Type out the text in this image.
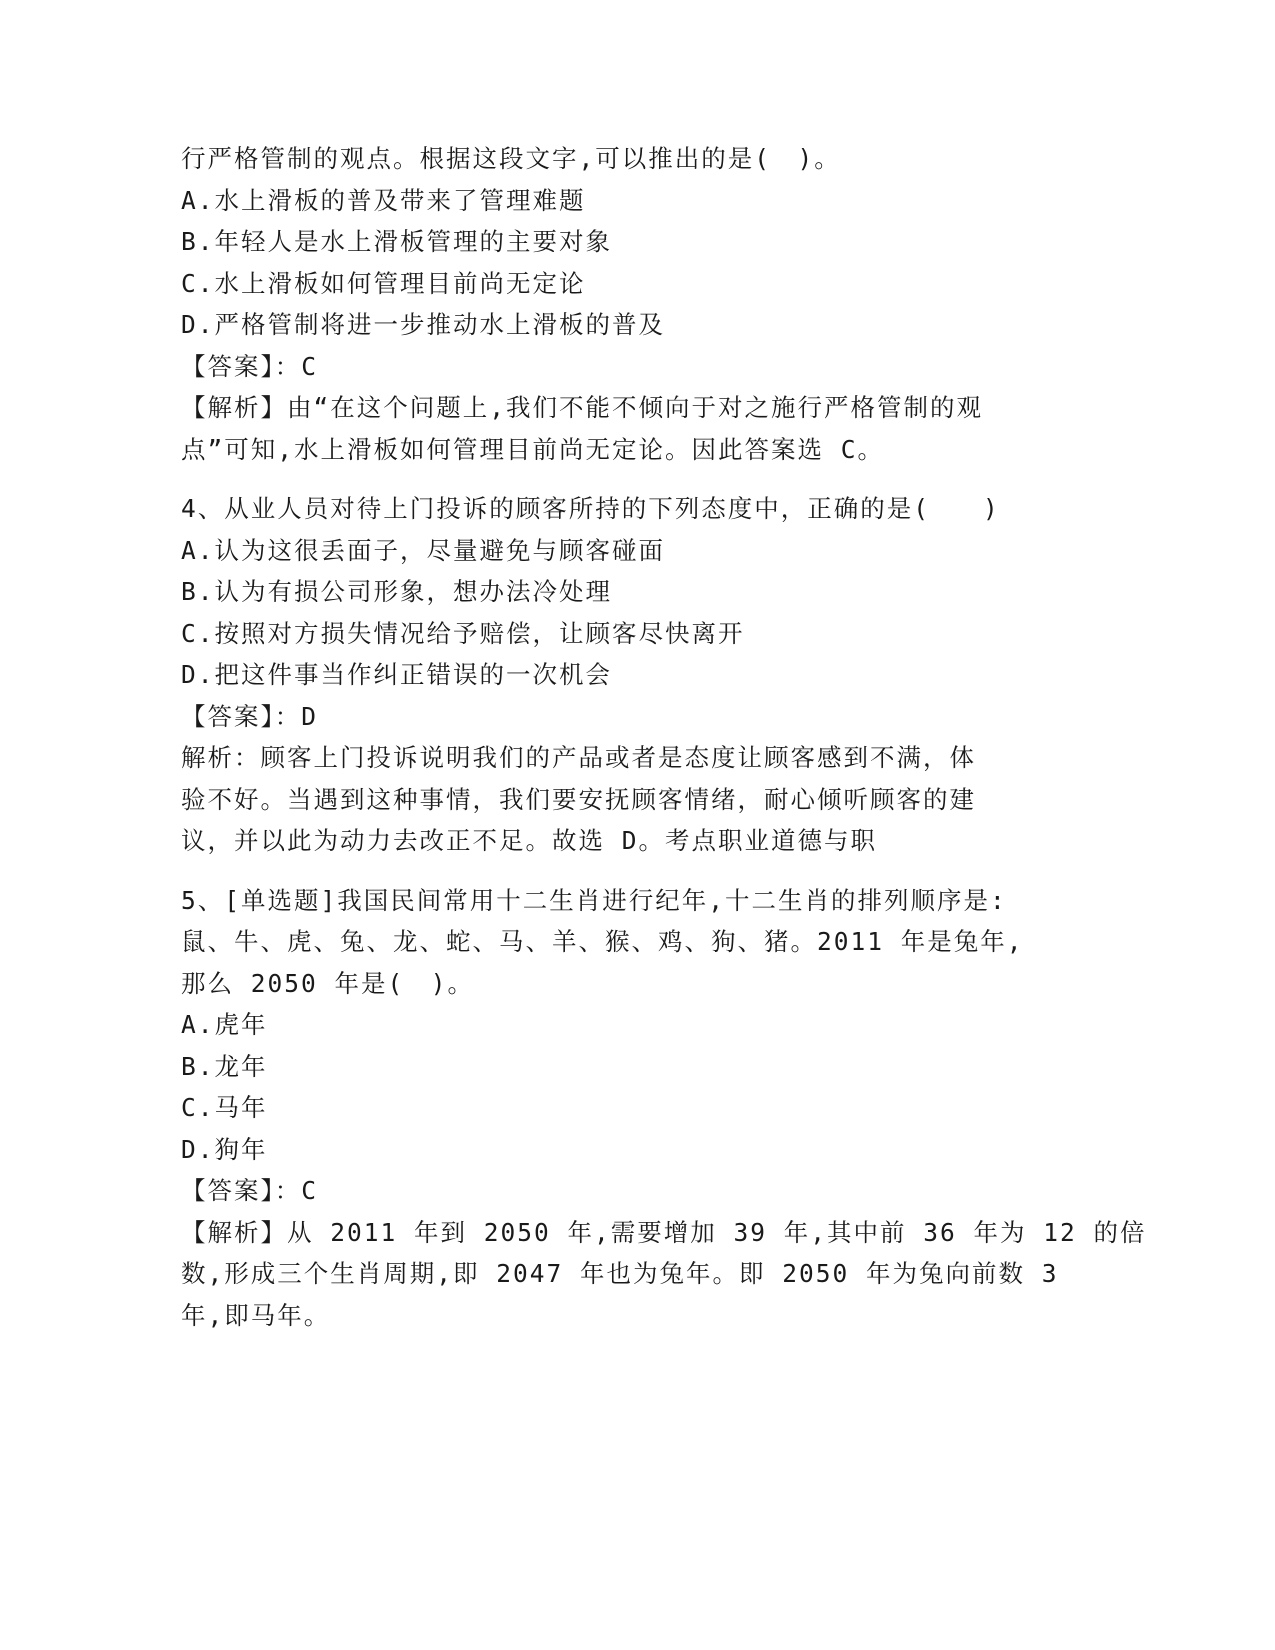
行严格管制的观点。根据这段文字,可以推出的是(　)。
A.水上滑板的普及带来了管理难题
B.年轻人是水上滑板管理的主要对象
C.水上滑板如何管理目前尚无定论
D.严格管制将进一步推动水上滑板的普及
【答案】：C
【解析】由“在这个问题上,我们不能不倾向于对之施行严格管制的观
点”可知,水上滑板如何管理目前尚无定论。因此答案选 C。
4、从业人员对待上门投诉的顾客所持的下列态度中，正确的是(　　)
A.认为这很丢面子，尽量避免与顾客碰面
B.认为有损公司形象，想办法冷处理
C.按照对方损失情况给予赔偿，让顾客尽快离开
D.把这件事当作纠正错误的一次机会
【答案】：D
解析：顾客上门投诉说明我们的产品或者是态度让顾客感到不满，体
验不好。当遇到这种事情，我们要安抚顾客情绪，耐心倾听顾客的建
议，并以此为动力去改正不足。故选 D。考点职业道德与职
5、[单选题]我国民间常用十二生肖进行纪年,十二生肖的排列顺序是:
鼠、牛、虎、兔、龙、蛇、马、羊、猴、鸡、狗、猪。2011 年是兔年,
那么 2050 年是(　)。
A.虎年
B.龙年
C.马年
D.狗年
【答案】：C
【解析】从 2011 年到 2050 年,需要增加 39 年,其中前 36 年为 12 的倍
数,形成三个生肖周期,即 2047 年也为兔年。即 2050 年为兔向前数 3
年,即马年。
